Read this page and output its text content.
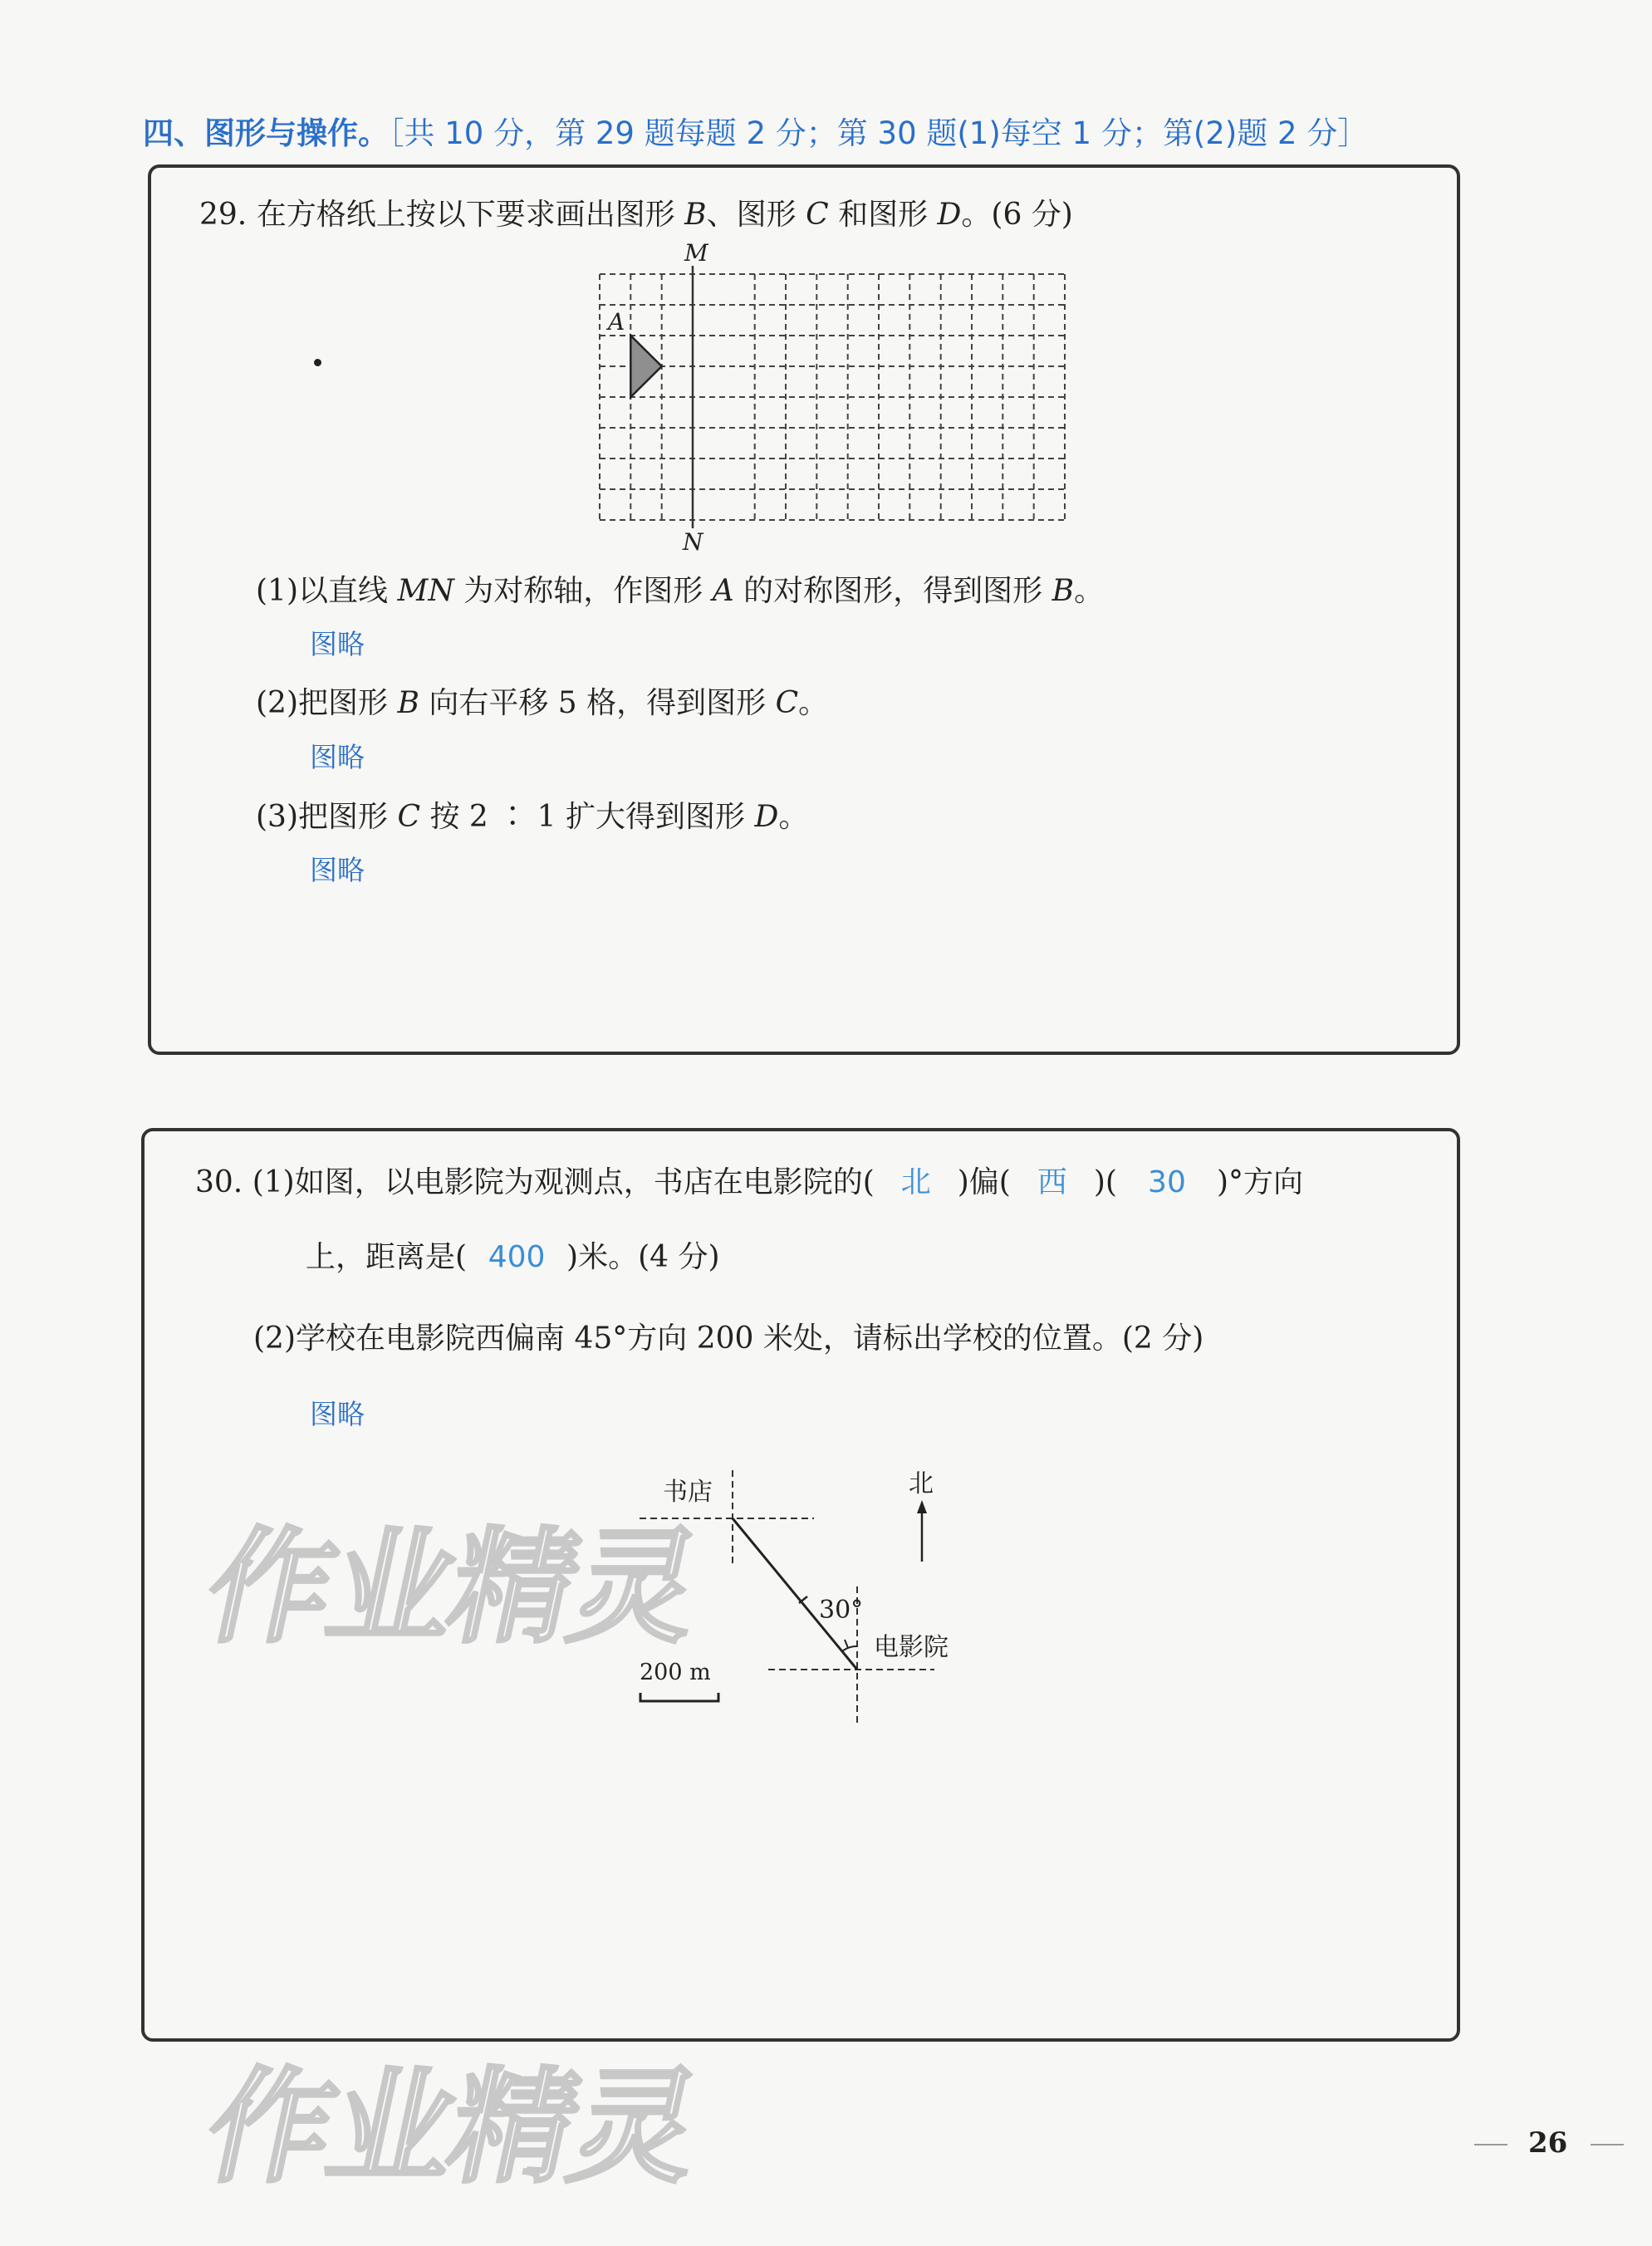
四、图形与操作。［共 10 分，第 29 题每题 2 分；第 30 题(1)每空 1 分；第(2)题 2 分］
29. 在方格纸上按以下要求画出图形 B、图形 C 和图形 D。(6 分)
M
N
A
(1)以直线 MN 为对称轴，作图形 A 的对称图形，得到图形 B。
图略
(2)把图形 B 向右平移 5 格，得到图形 C。
图略
(3)把图形 C 按 2 ∶ 1 扩大得到图形 D。
图略
30. (1)如图，以电影院为观测点，书店在电影院的( 北 )偏( 西 )( 30 )°方向
上，距离是( 400 )米。(4 分)
(2)学校在电影院西偏南 45°方向 200 米处，请标出学校的位置。(2 分)
图略
书店	北
30°
电影院
200 m
作业精灵
作业精灵	26
